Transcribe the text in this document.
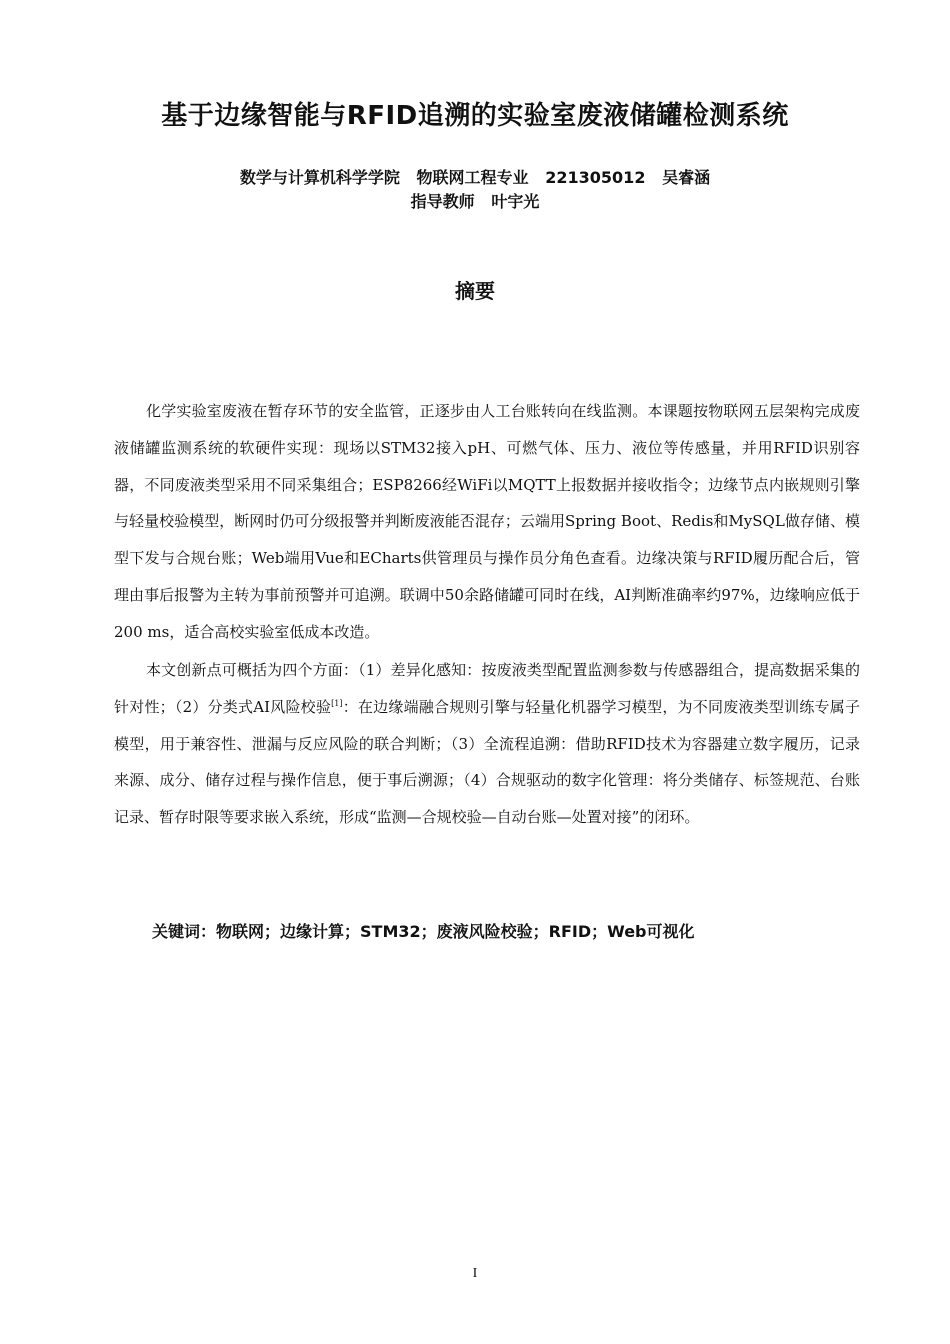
基于边缘智能与RFID追溯的实验室废液储罐检测系统
数学与计算机科学学院   物联网工程专业   221305012   吴睿涵
指导教师   叶宇光
摘要

化学实验室废液在暂存环节的安全监管，正逐步由人工台账转向在线监测。本课题按物联网五层架构完成废液储罐监测系统的软硬件实现：现场以STM32接入pH、可燃气体、压力、液位等传感量，并用RFID识别容器，不同废液类型采用不同采集组合；ESP8266经WiFi以MQTT上报数据并接收指令；边缘节点内嵌规则引擎与轻量校验模型，断网时仍可分级报警并判断废液能否混存；云端用Spring Boot、Redis和MySQL做存储、模型下发与合规台账；Web端用Vue和ECharts供管理员与操作员分角色查看。边缘决策与RFID履历配合后，管理由事后报警为主转为事前预警并可追溯。联调中50余路储罐可同时在线，AI判断准确率约97%，边缘响应低于200 ms，适合高校实验室低成本改造。

本文创新点可概括为四个方面：（1）差异化感知：按废液类型配置监测参数与传感器组合，提高数据采集的针对性；（2）分类式AI风险校验[1]：在边缘端融合规则引擎与轻量化机器学习模型，为不同废液类型训练专属子模型，用于兼容性、泄漏与反应风险的联合判断；（3）全流程追溯：借助RFID技术为容器建立数字履历，记录来源、成分、储存过程与操作信息，便于事后溯源；（4）合规驱动的数字化管理：将分类储存、标签规范、台账记录、暂存时限等要求嵌入系统，形成“监测—合规校验—自动台账—处置对接”的闭环。

关键词：物联网；边缘计算；STM32；废液风险校验；RFID；Web可视化
I
